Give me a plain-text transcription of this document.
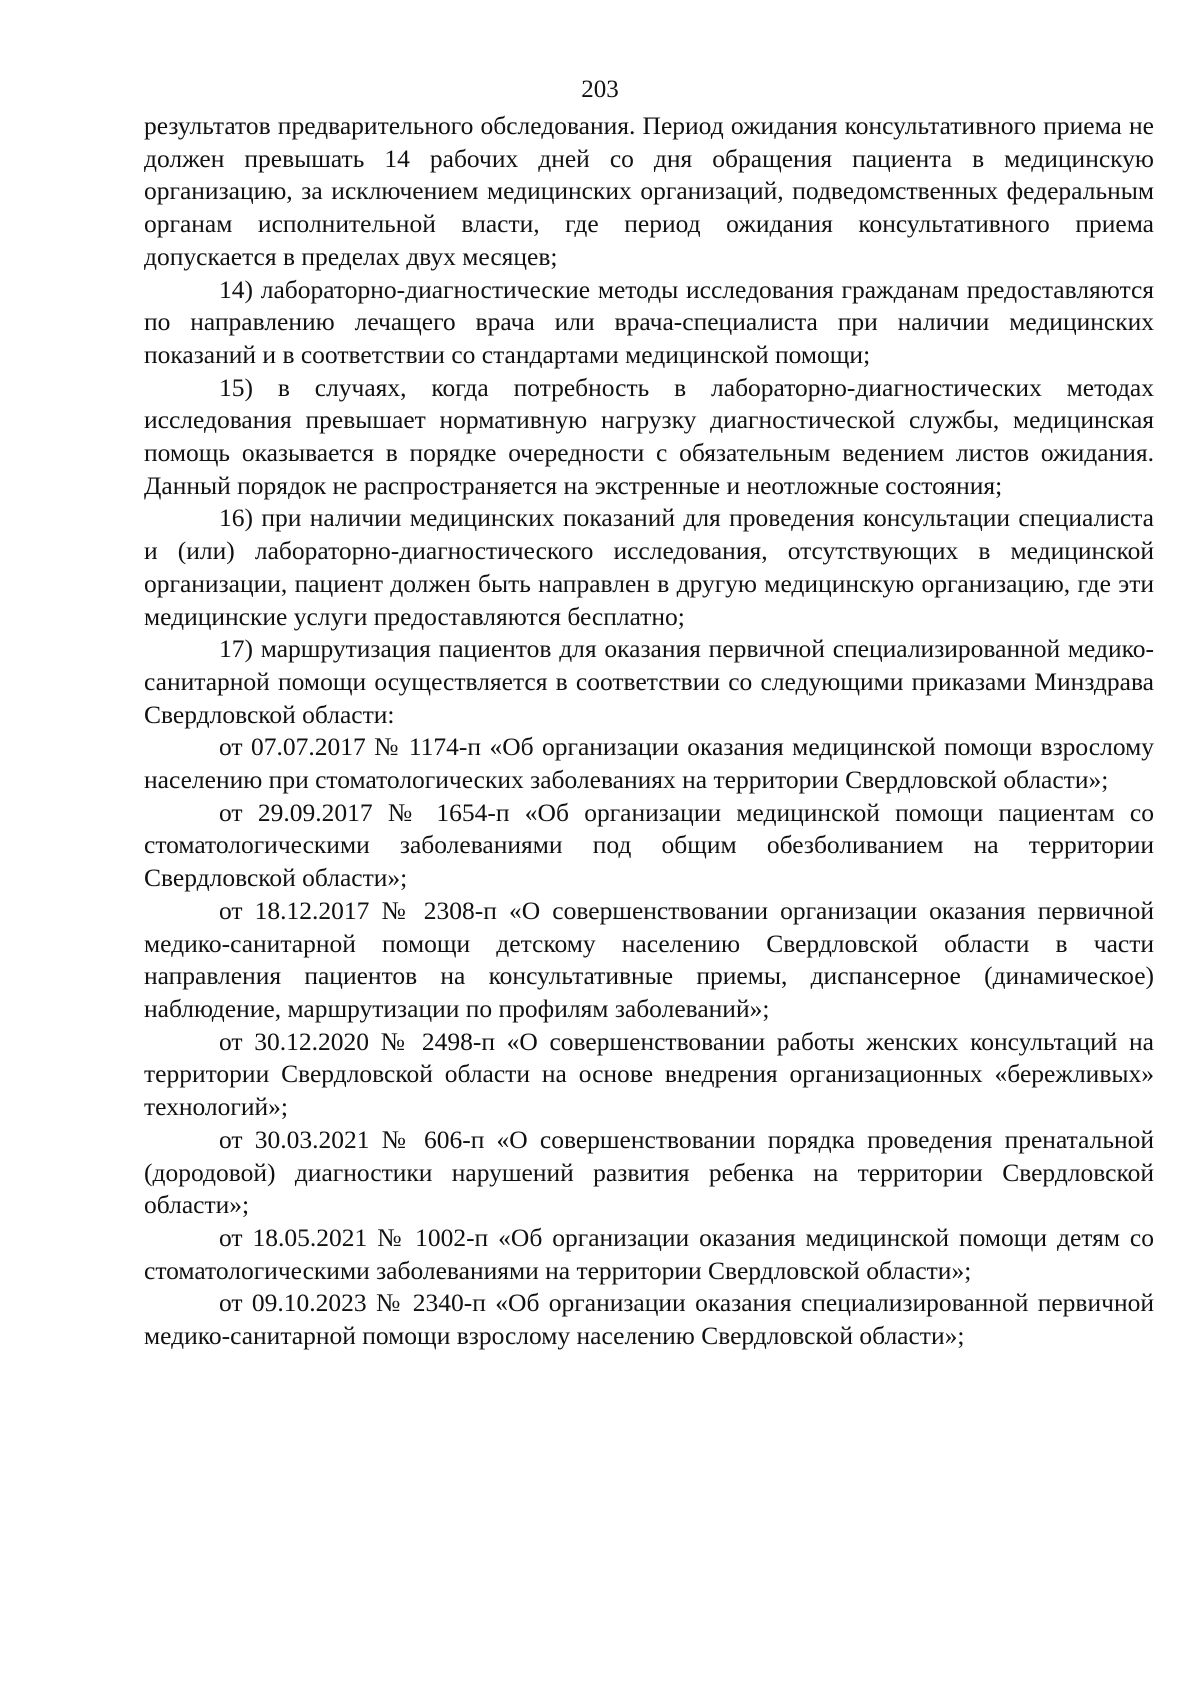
203

результатов предварительного обследования. Период ожидания консультативного приема не должен превышать 14 рабочих дней со дня обращения пациента в медицинскую организацию, за исключением медицинских организаций, подведомственных федеральным органам исполнительной власти, где период ожидания консультативного приема допускается в пределах двух месяцев;

14) лабораторно-диагностические методы исследования гражданам предоставляются по направлению лечащего врача или врача-специалиста при наличии медицинских показаний и в соответствии со стандартами медицинской помощи;

15) в случаях, когда потребность в лабораторно-диагностических методах исследования превышает нормативную нагрузку диагностической службы, медицинская помощь оказывается в порядке очередности с обязательным ведением листов ожидания. Данный порядок не распространяется на экстренные и неотложные состояния;

16) при наличии медицинских показаний для проведения консультации специалиста и (или) лабораторно-диагностического исследования, отсутствующих в медицинской организации, пациент должен быть направлен в другую медицинскую организацию, где эти медицинские услуги предоставляются бесплатно;

17) маршрутизация пациентов для оказания первичной специализированной медико-санитарной помощи осуществляется в соответствии со следующими приказами Минздрава Свердловской области:

от 07.07.2017 № 1174-п «Об организации оказания медицинской помощи взрослому населению при стоматологических заболеваниях на территории Свердловской области»;

от 29.09.2017 № 1654-п «Об организации медицинской помощи пациентам со стоматологическими заболеваниями под общим обезболиванием на территории Свердловской области»;

от 18.12.2017 № 2308-п «О совершенствовании организации оказания первичной медико-санитарной помощи детскому населению Свердловской области в части направления пациентов на консультативные приемы, диспансерное (динамическое) наблюдение, маршрутизации по профилям заболеваний»;

от 30.12.2020 № 2498-п «О совершенствовании работы женских консультаций на территории Свердловской области на основе внедрения организационных «бережливых» технологий»;

от 30.03.2021 № 606-п «О совершенствовании порядка проведения пренатальной (дородовой) диагностики нарушений развития ребенка на территории Свердловской области»;

от 18.05.2021 № 1002-п «Об организации оказания медицинской помощи детям со стоматологическими заболеваниями на территории Свердловской области»;

от 09.10.2023 № 2340-п «Об организации оказания специализированной первичной медико-санитарной помощи взрослому населению Свердловской области»;
